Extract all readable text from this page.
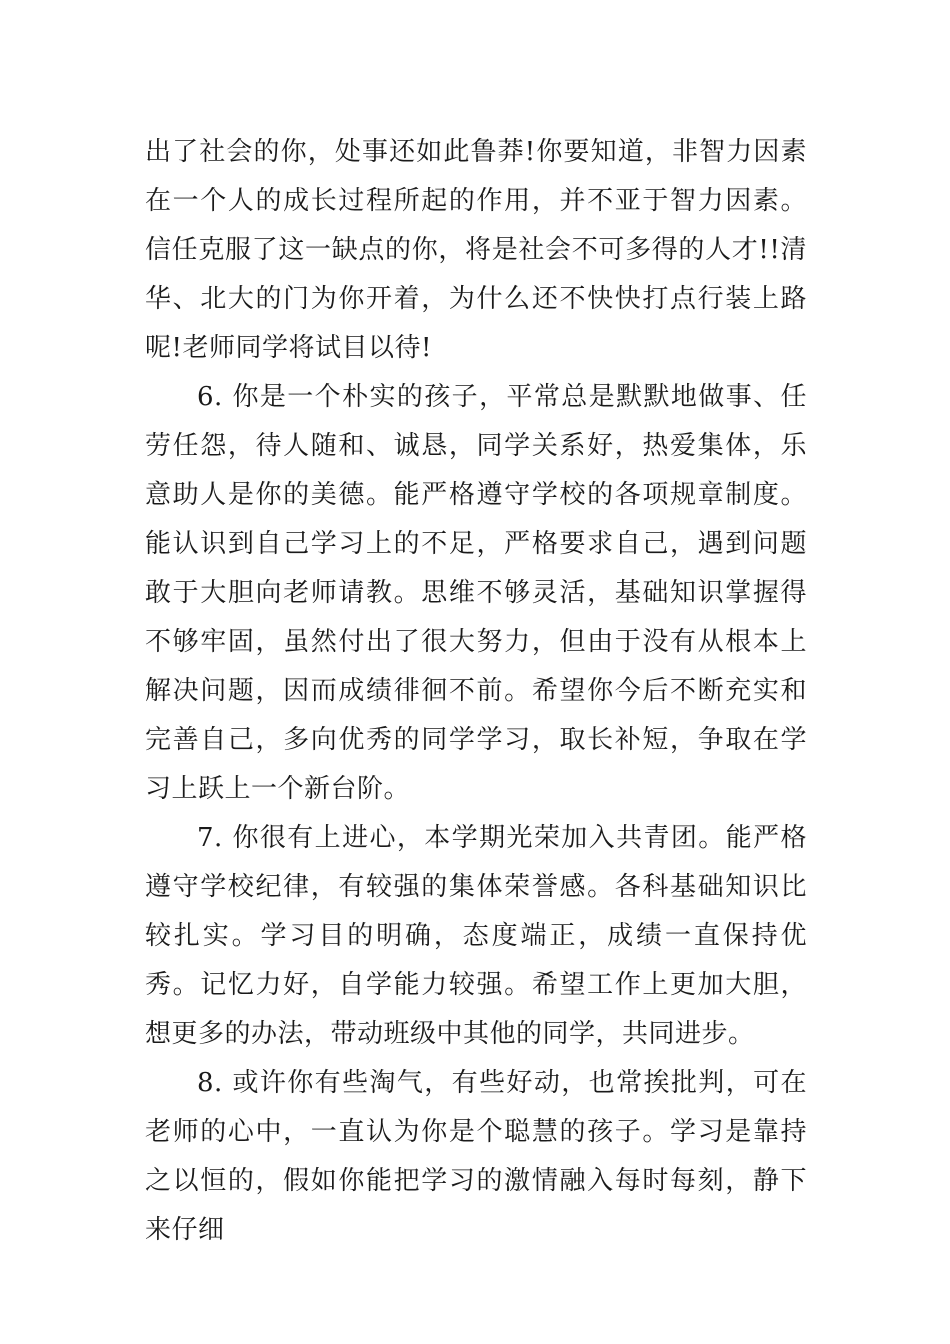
出了社会的你，处事还如此鲁莽!你要知道，非智力因素在一个人的成长过程所起的作用，并不亚于智力因素。信任克服了这一缺点的你，将是社会不可多得的人才!!清华、北大的门为你开着，为什么还不快快打点行装上路呢!老师同学将试目以待!

6. 你是一个朴实的孩子，平常总是默默地做事、任劳任怨，待人随和、诚恳，同学关系好，热爱集体，乐意助人是你的美德。能严格遵守学校的各项规章制度。能认识到自己学习上的不足，严格要求自己，遇到问题敢于大胆向老师请教。思维不够灵活，基础知识掌握得不够牢固，虽然付出了很大努力，但由于没有从根本上解决问题，因而成绩徘徊不前。希望你今后不断充实和完善自己，多向优秀的同学学习，取长补短，争取在学习上跃上一个新台阶。

7. 你很有上进心，本学期光荣加入共青团。能严格遵守学校纪律，有较强的集体荣誉感。各科基础知识比较扎实。学习目的明确，态度端正，成绩一直保持优秀。记忆力好，自学能力较强。希望工作上更加大胆，想更多的办法，带动班级中其他的同学，共同进步。

8. 或许你有些淘气，有些好动，也常挨批判，可在老师的心中，一直认为你是个聪慧的孩子。学习是靠持之以恒的，假如你能把学习的激情融入每时每刻，静下来仔细
